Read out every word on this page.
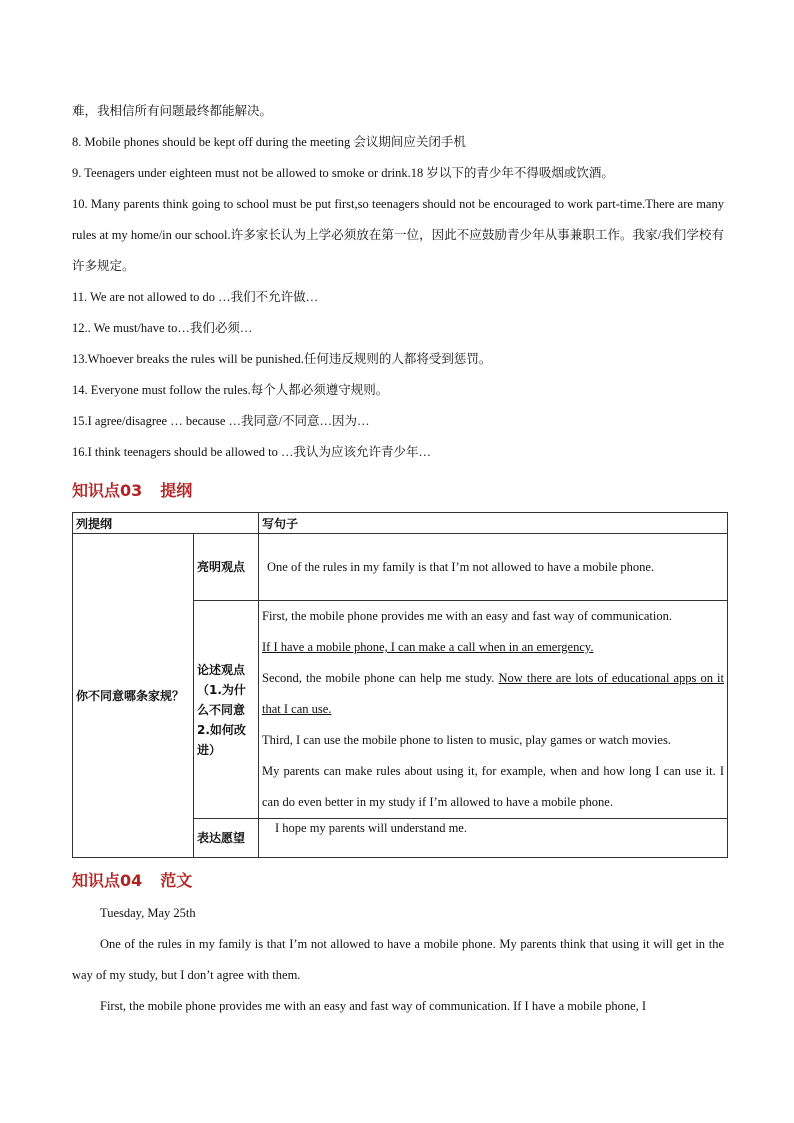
难，我相信所有问题最终都能解决。
8. Mobile phones should be kept off during the meeting 会议期间应关闭手机
9. Teenagers under eighteen must not be allowed to smoke or drink.18 岁以下的青少年不得吸烟或饮酒。
10. Many parents think going to school must be put first,so teenagers should not be encouraged to work part-time.There are many rules at my home/in our school.许多家长认为上学必须放在第一位，因此不应鼓励青少年从事兼职工作。我家/我们学校有许多规定。
11. We are not allowed to do …我们不允许做…
12.. We must/have to…我们必须…
13.Whoever breaks the rules will be punished.任何违反规则的人都将受到惩罚。
14. Everyone must follow the rules.每个人都必须遵守规则。
15.I agree/disagree … because …我同意/不同意…因为…
16.I think teenagers should be allowed to …我认为应该允许青少年…
知识点03 提纲
列提纲		写句子
你不同意哪条家规？	亮明观点	One of the rules in my family is that I’m not allowed to have a mobile phone.
	论述观点（1.为什么不同意 2.如何改进）	First, the mobile phone provides me with an easy and fast way of communication.
If I have a mobile phone, I can make a call when in an emergency.
Second, the mobile phone can help me study. Now there are lots of educational apps on it that I can use.
Third, I can use the mobile phone to listen to music, play games or watch movies.
My parents can make rules about using it, for example, when and how long I can use it. I can do even better in my study if I’m allowed to have a mobile phone.
	表达愿望	I hope my parents will understand me.
知识点04 范文
Tuesday, May 25th
One of the rules in my family is that I’m not allowed to have a mobile phone. My parents think that using it will get in the way of my study, but I don’t agree with them.
First, the mobile phone provides me with an easy and fast way of communication. If I have a mobile phone, I
